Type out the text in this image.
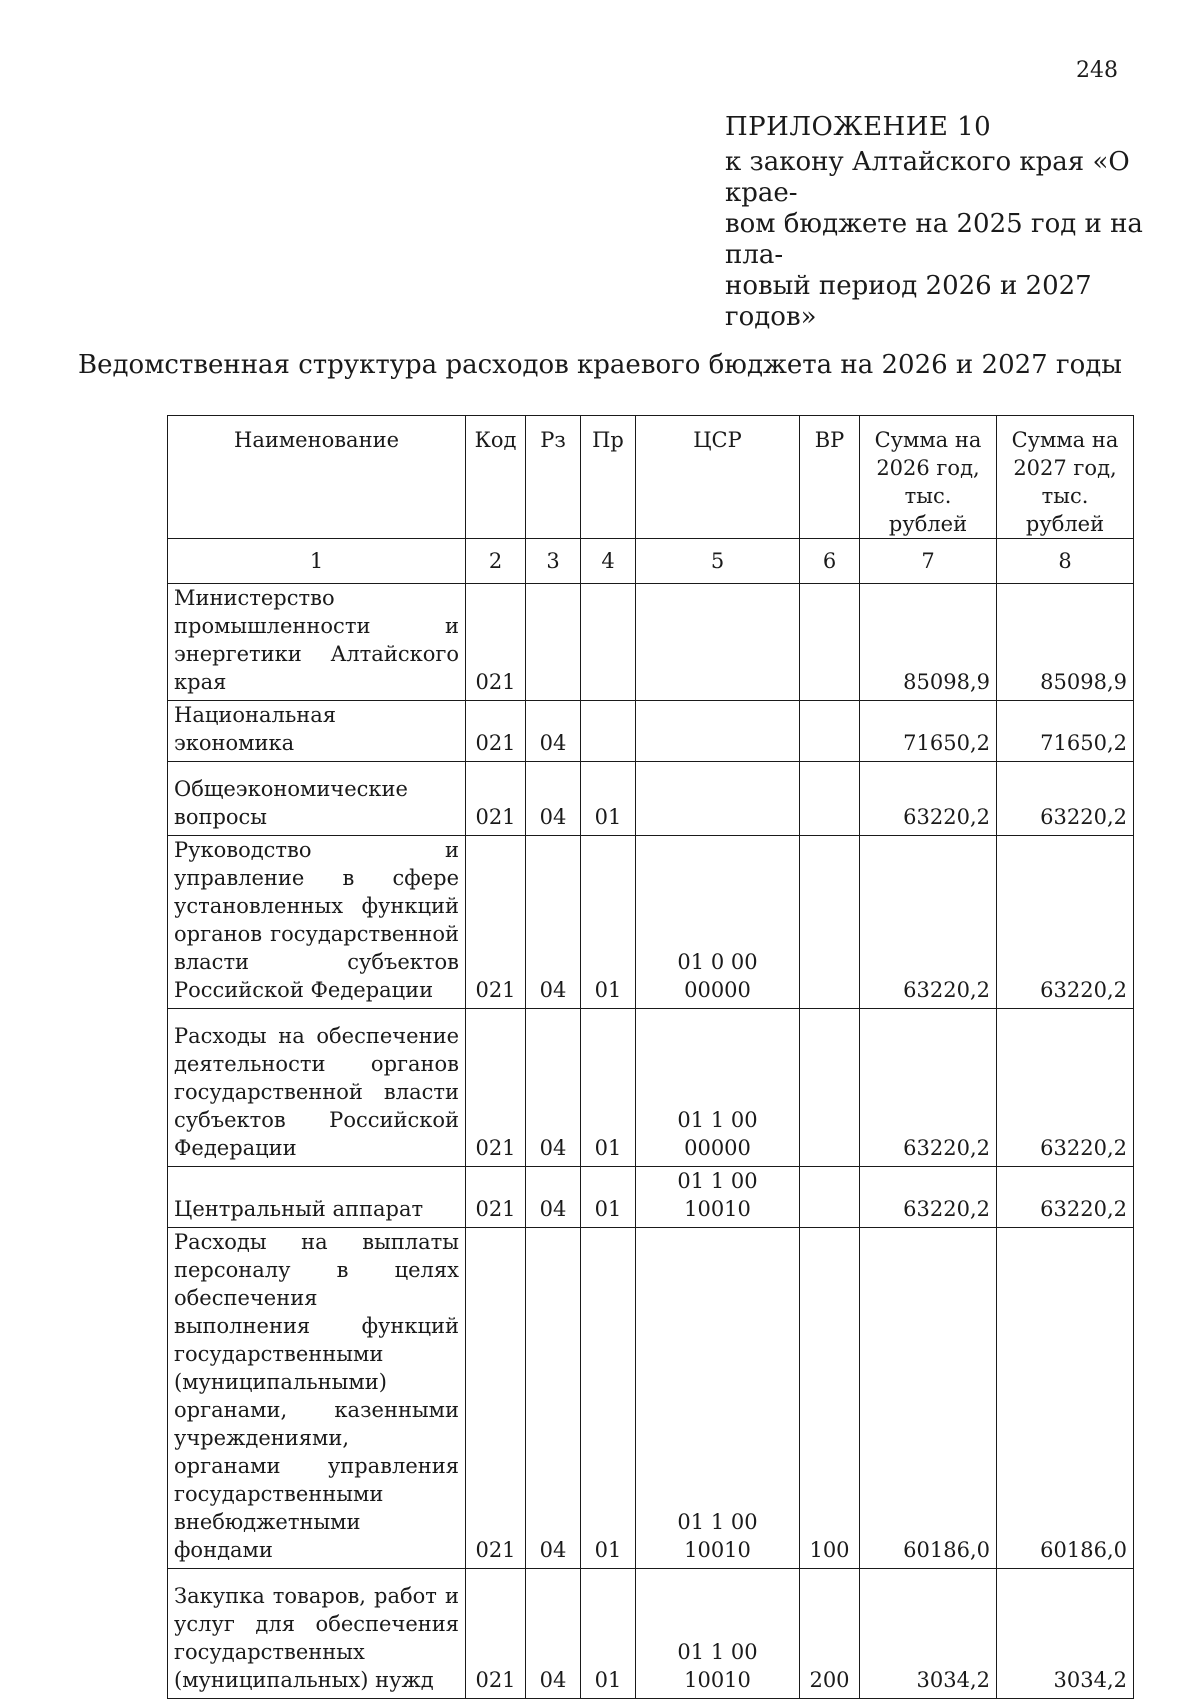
248
ПРИЛОЖЕНИЕ 10
к закону Алтайского края «О крае-
вом бюджете на 2025 год и на пла-
новый период 2026 и 2027 годов»
Ведомственная структура расходов краевого бюджета на 2026 и 2027 годы
Наименование	Код	Рз	Пр	ЦСР	ВР	Сумма на 2026 год, тыс. рублей	Сумма на 2027 год, тыс. рублей
1	2	3	4	5	6	7	8
Министерство промышленности и энергетики Алтайского края	021					85098,9	85098,9
Национальная экономика	021	04				71650,2	71650,2
Общеэкономические вопросы	021	04	01			63220,2	63220,2
Руководство и управление в сфере установленных функций органов государственной власти субъектов Российской Федерации	021	04	01	01 0 00 00000		63220,2	63220,2
Расходы на обеспечение деятельности органов государственной власти субъектов Российской Федерации	021	04	01	01 1 00 00000		63220,2	63220,2
Центральный аппарат	021	04	01	01 1 00 10010		63220,2	63220,2
Расходы на выплаты персоналу в целях обеспечения выполнения функций государственными (муниципальными) органами, казенными учреждениями, органами управления государственными внебюджетными фондами	021	04	01	01 1 00 10010	100	60186,0	60186,0
Закупка товаров, работ и услуг для обеспечения государственных (муниципальных) нужд	021	04	01	01 1 00 10010	200	3034,2	3034,2
